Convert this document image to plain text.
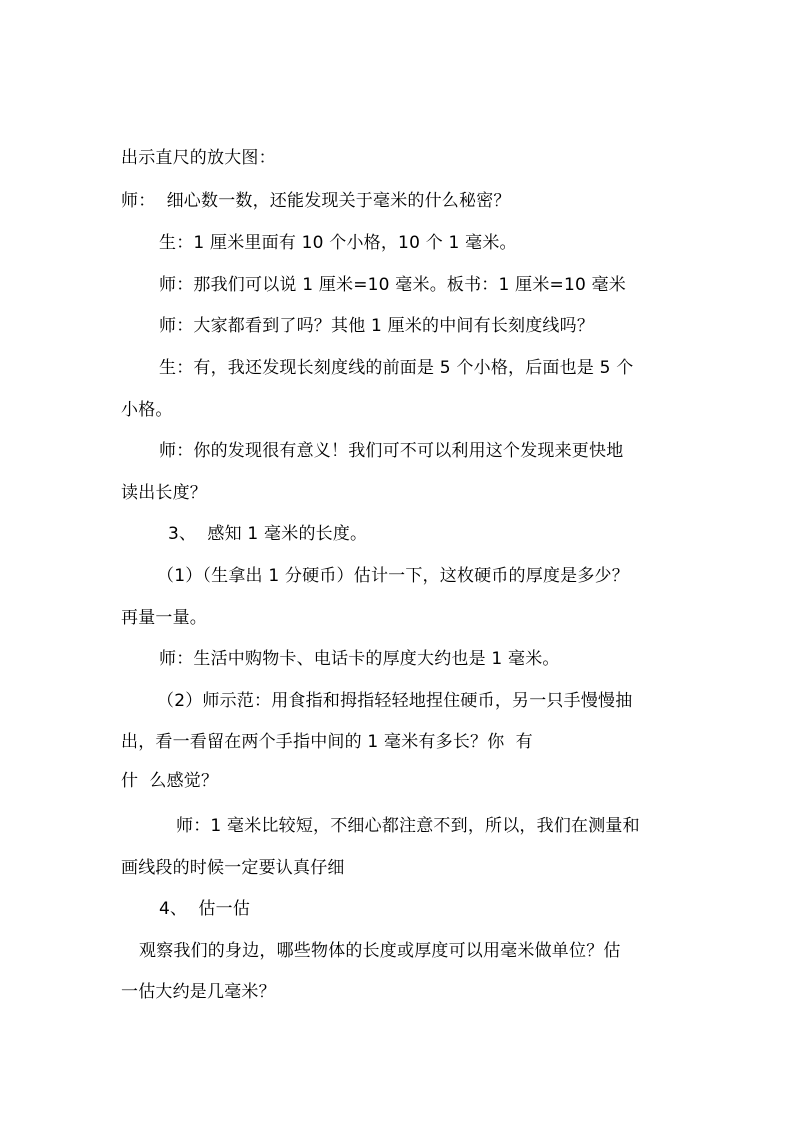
出示直尺的放大图：
师：  细心数一数，还能发现关于毫米的什么秘密？
生：1 厘米里面有 10 个小格，10 个 1 毫米。
师：那我们可以说 1 厘米=10 毫米。板书：1 厘米=10 毫米
师：大家都看到了吗？其他 1 厘米的中间有长刻度线吗？
生：有，我还发现长刻度线的前面是 5 个小格，后面也是 5 个
小格。
师：你的发现很有意义！我们可不可以利用这个发现来更快地
读出长度？
3、  感知 1 毫米的长度。
（1）（生拿出 1 分硬币）估计一下，这枚硬币的厚度是多少？
再量一量。
师：生活中购物卡、电话卡的厚度大约也是 1 毫米。
（2）师示范：用食指和拇指轻轻地捏住硬币，另一只手慢慢抽
出，看一看留在两个手指中间的 1 毫米有多长？你  有
什  么感觉？
师：1 毫米比较短，不细心都注意不到，所以，我们在测量和
画线段的时候一定要认真仔细
4、  估一估
观察我们的身边，哪些物体的长度或厚度可以用毫米做单位？估
一估大约是几毫米？
